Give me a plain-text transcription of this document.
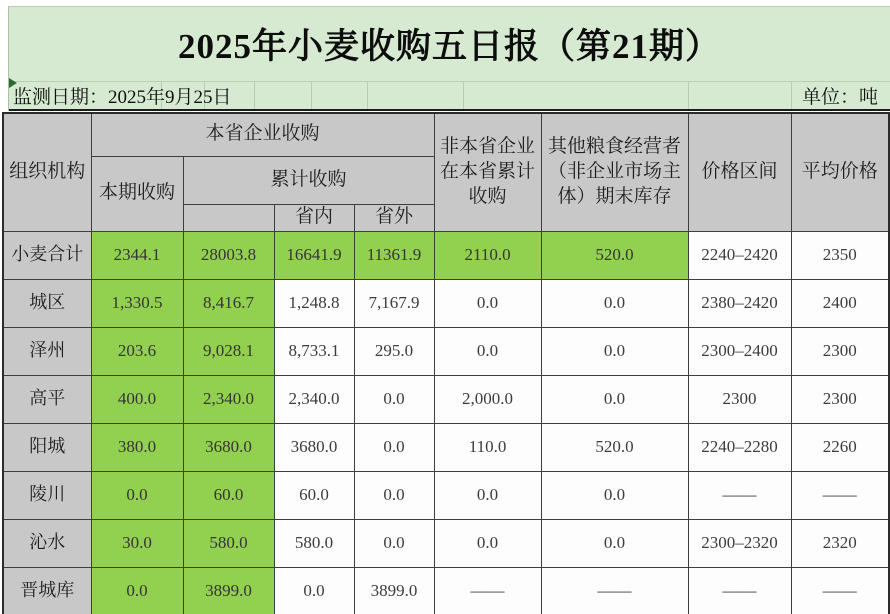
2025年小麦收购五日报（第21期）
监测日期：2025年9月25日	单位：吨
组织机构	本省企业收购				非本省企业在本省累计收购	其他粮食经营者（非企业市场主体）期末库存	价格区间	平均价格
	本期收购	累计收购						
			省内	省外				
小麦合计	2344.1	28003.8	16641.9	11361.9	2110.0	520.0	2240–2420	2350
城区	1,330.5	8,416.7	1,248.8	7,167.9	0.0	0.0	2380–2420	2400
泽州	203.6	9,028.1	8,733.1	295.0	0.0	0.0	2300–2400	2300
高平	400.0	2,340.0	2,340.0	0.0	2,000.0	0.0	2300	2300
阳城	380.0	3680.0	3680.0	0.0	110.0	520.0	2240–2280	2260
陵川	0.0	60.0	60.0	0.0	0.0	0.0	——	——
沁水	30.0	580.0	580.0	0.0	0.0	0.0	2300–2320	2320
晋城库	0.0	3899.0	0.0	3899.0	——	——	——	——
